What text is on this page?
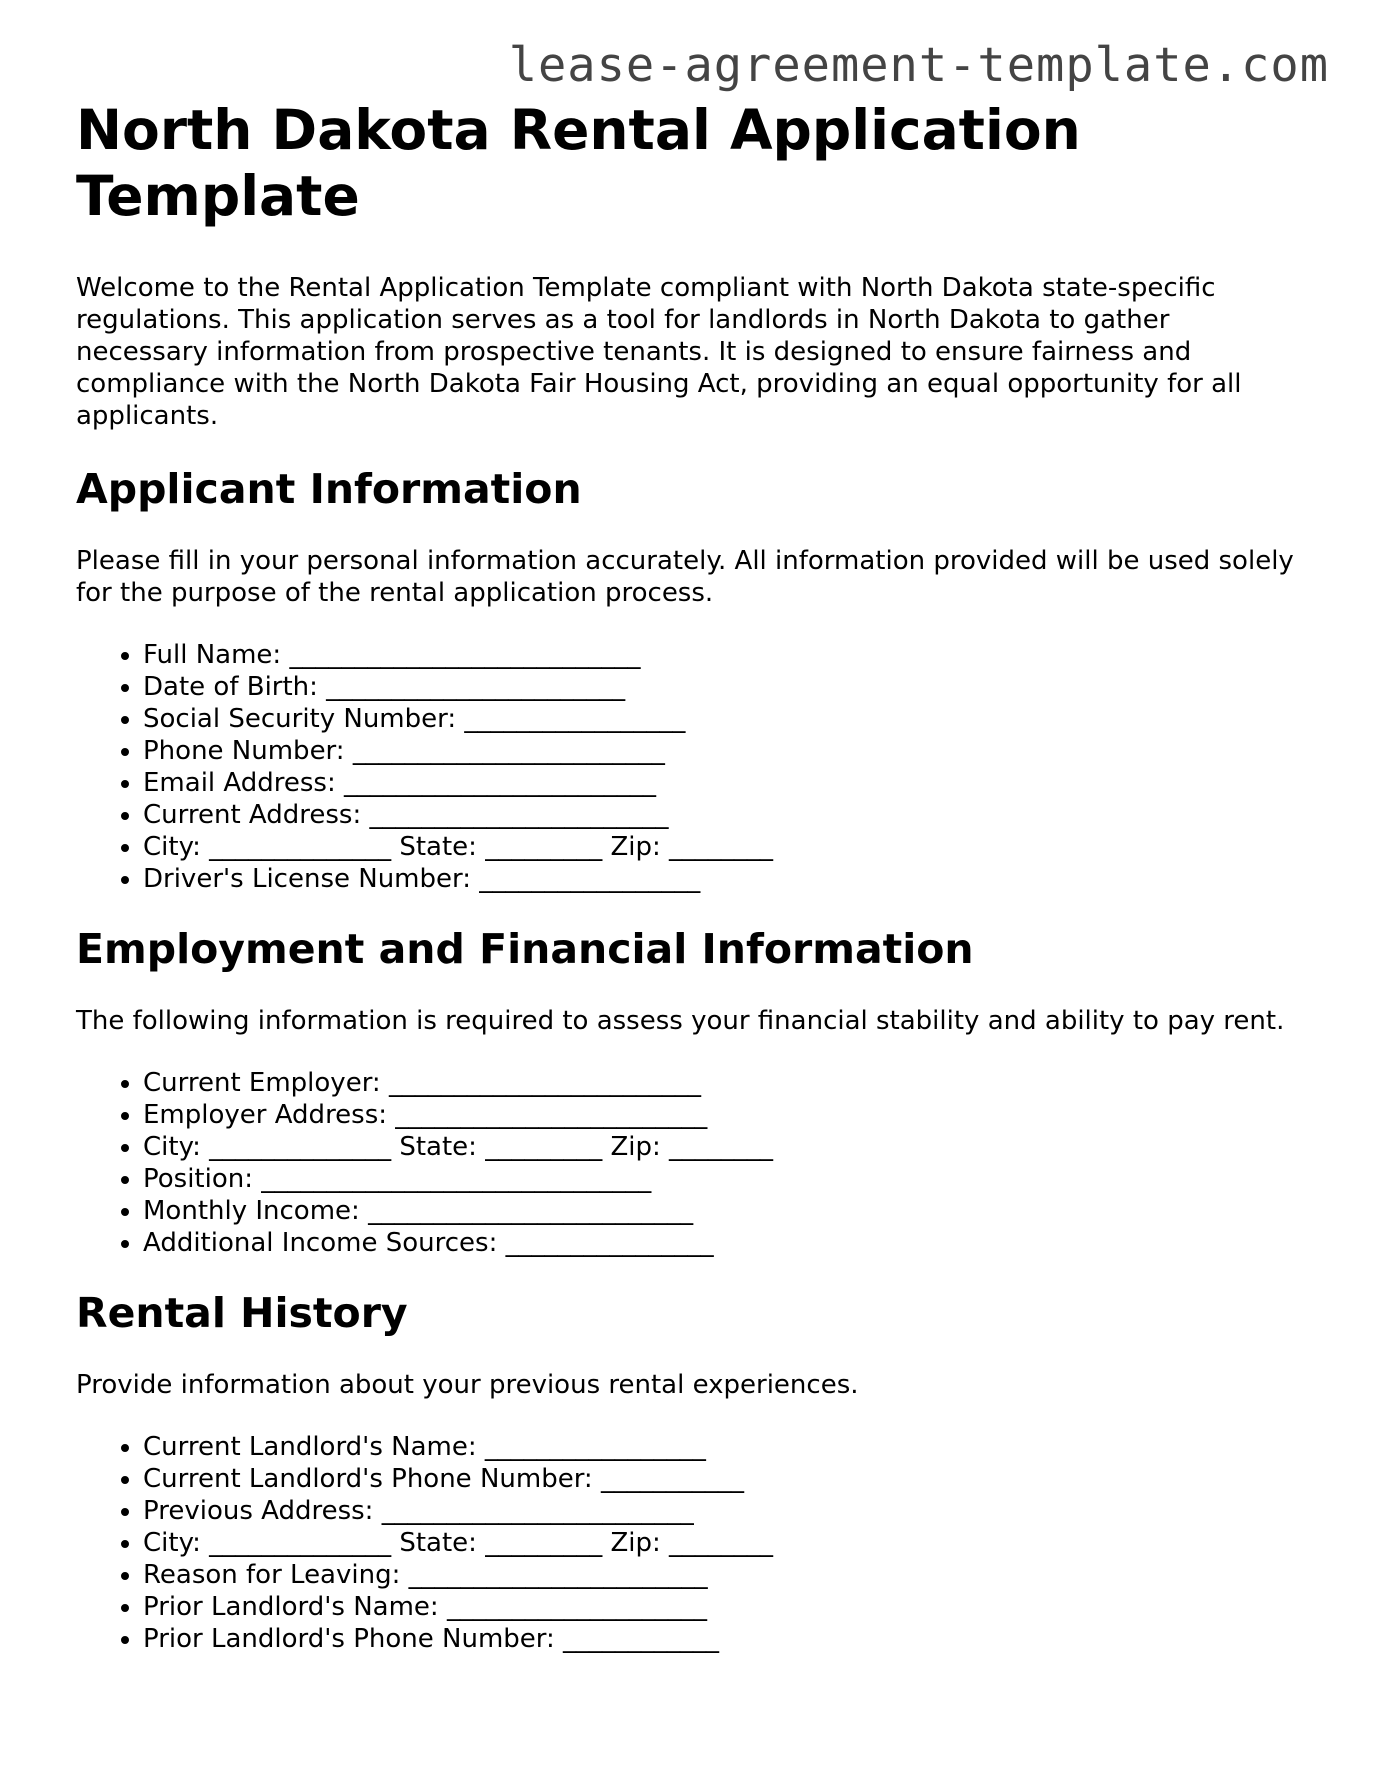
lease-agreement-template.com
North Dakota Rental Application Template

Welcome to the Rental Application Template compliant with North Dakota state-specific regulations. This application serves as a tool for landlords in North Dakota to gather necessary information from prospective tenants. It is designed to ensure fairness and compliance with the North Dakota Fair Housing Act, providing an equal opportunity for all applicants.

Applicant Information

Please fill in your personal information accurately. All information provided will be used solely for the purpose of the rental application process.

• Full Name: ___________________________
• Date of Birth: _______________________
• Social Security Number: _________________
• Phone Number: ________________________
• Email Address: ________________________
• Current Address: _______________________
• City: ______________ State: _________ Zip: ________
• Driver's License Number: _________________
Employment and Financial Information

The following information is required to assess your financial stability and ability to pay rent.

• Current Employer: ________________________
• Employer Address: ________________________
• City: ______________ State: _________ Zip: ________
• Position: ______________________________
• Monthly Income: _________________________
• Additional Income Sources: ________________
Rental History

Provide information about your previous rental experiences.

• Current Landlord's Name: _________________
• Current Landlord's Phone Number: ___________
• Previous Address: ________________________
• City: ______________ State: _________ Zip: ________
• Reason for Leaving: _______________________
• Prior Landlord's Name: ____________________
• Prior Landlord's Phone Number: ____________
